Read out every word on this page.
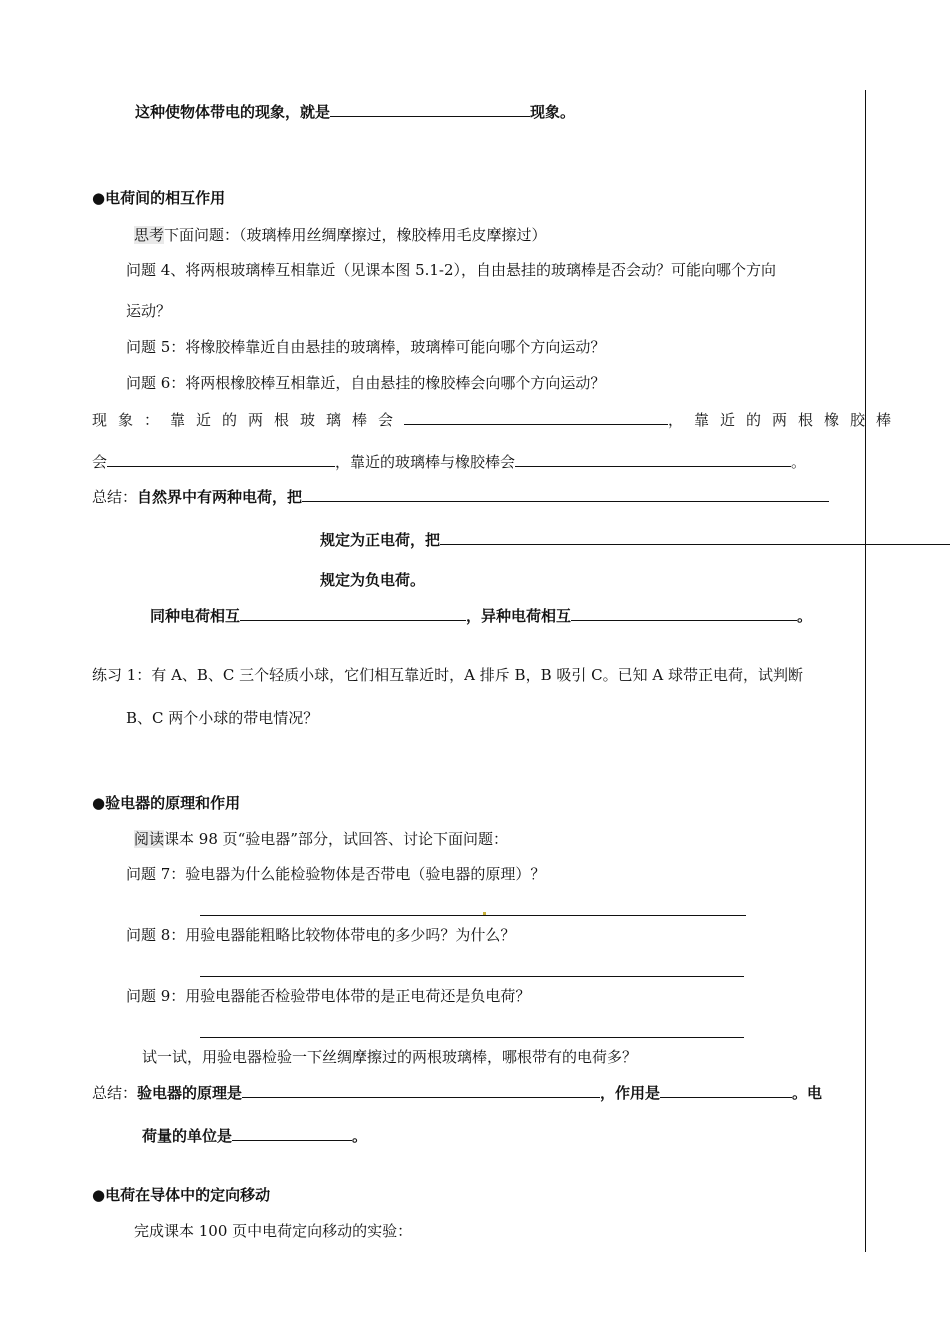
这种使物体带电的现象，就是	现象。
●电荷间的相互作用
思考下面问题：（玻璃棒用丝绸摩擦过，橡胶棒用毛皮摩擦过）
问题 4、将两根玻璃棒互相靠近（见课本图 5.1-2），自由悬挂的玻璃棒是否会动？可能向哪个方向
运动？
问题 5：将橡胶棒靠近自由悬挂的玻璃棒，玻璃棒可能向哪个方向运动？
问题 6：将两根橡胶棒互相靠近，自由悬挂的橡胶棒会向哪个方向运动？
现象：靠近的两根玻璃棒会	，靠近的两根橡胶棒
会	，靠近的玻璃棒与橡胶棒会	。
总结：自然界中有两种电荷，把
规定为正电荷，把
规定为负电荷。
同种电荷相互	，异种电荷相互	。
练习 1：有 A、B、C 三个轻质小球，它们相互靠近时，A 排斥 B，B 吸引 C。已知 A 球带正电荷，试判断
B、C 两个小球的带电情况？
●验电器的原理和作用
阅读课本 98 页“验电器”部分，试回答、讨论下面问题：
问题 7：验电器为什么能检验物体是否带电（验电器的原理）？
问题 8：用验电器能粗略比较物体带电的多少吗？为什么？
问题 9：用验电器能否检验带电体带的是正电荷还是负电荷？
试一试，用验电器检验一下丝绸摩擦过的两根玻璃棒，哪根带有的电荷多？
总结：验电器的原理是	，作用是	。电
荷量的单位是	。
●电荷在导体中的定向移动
完成课本 100 页中电荷定向移动的实验：
